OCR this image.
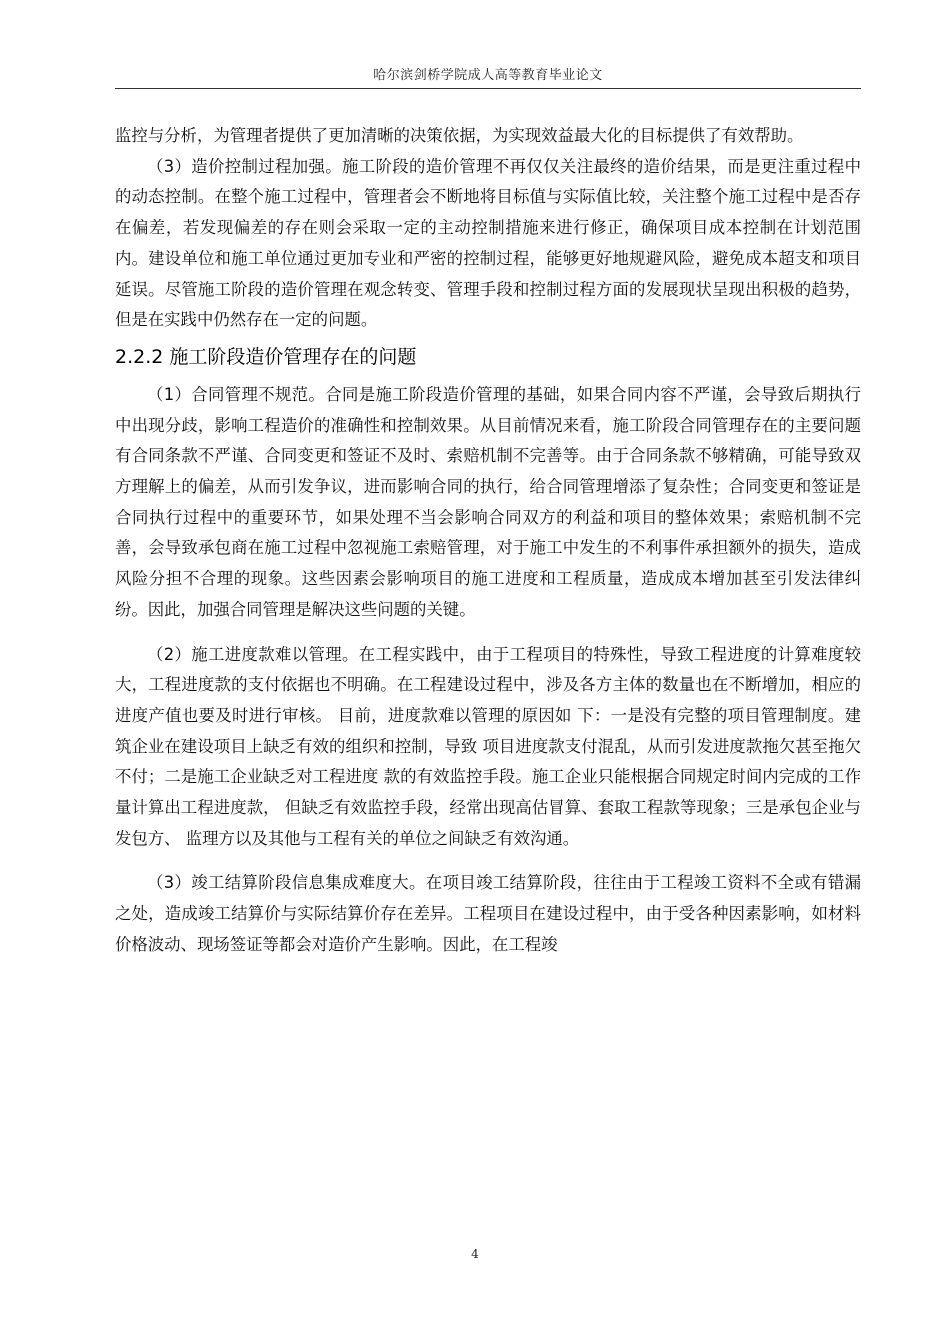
哈尔滨剑桥学院成人高等教育毕业论文

监控与分析，为管理者提供了更加清晰的决策依据，为实现效益最大化的目标提供了有效帮助。

（3）造价控制过程加强。施工阶段的造价管理不再仅仅关注最终的造价结果，而是更注重过程中的动态控制。在整个施工过程中，管理者会不断地将目标值与实际值比较，关注整个施工过程中是否存在偏差，若发现偏差的存在则会采取一定的主动控制措施来进行修正，确保项目成本控制在计划范围内。建设单位和施工单位通过更加专业和严密的控制过程，能够更好地规避风险，避免成本超支和项目延误。尽管施工阶段的造价管理在观念转变、管理手段和控制过程方面的发展现状呈现出积极的趋势，但是在实践中仍然存在一定的问题。

2.2.2 施工阶段造价管理存在的问题

（1）合同管理不规范。合同是施工阶段造价管理的基础，如果合同内容不严谨，会导致后期执行中出现分歧，影响工程造价的准确性和控制效果。从目前情况来看，施工阶段合同管理存在的主要问题有合同条款不严谨、合同变更和签证不及时、索赔机制不完善等。由于合同条款不够精确，可能导致双方理解上的偏差，从而引发争议，进而影响合同的执行，给合同管理增添了复杂性；合同变更和签证是合同执行过程中的重要环节，如果处理不当会影响合同双方的利益和项目的整体效果；索赔机制不完善，会导致承包商在施工过程中忽视施工索赔管理，对于施工中发生的不利事件承担额外的损失，造成风险分担不合理的现象。这些因素会影响项目的施工进度和工程质量，造成成本增加甚至引发法律纠纷。因此，加强合同管理是解决这些问题的关键。

（2）施工进度款难以管理。在工程实践中，由于工程项目的特殊性，导致工程进度的计算难度较大，工程进度款的支付依据也不明确。在工程建设过程中，涉及各方主体的数量也在不断增加，相应的进度产值也要及时进行审核。 目前，进度款难以管理的原因如 下：一是没有完整的项目管理制度。建筑企业在建设项目上缺乏有效的组织和控制，导致 项目进度款支付混乱，从而引发进度款拖欠甚至拖欠不付；二是施工企业缺乏对工程进度 款的有效监控手段。施工企业只能根据合同规定时间内完成的工作量计算出工程进度款， 但缺乏有效监控手段，经常出现高估冒算、套取工程款等现象；三是承包企业与发包方、 监理方以及其他与工程有关的单位之间缺乏有效沟通。

（3）竣工结算阶段信息集成难度大。在项目竣工结算阶段，往往由于工程竣工资料不全或有错漏之处，造成竣工结算价与实际结算价存在差异。工程项目在建设过程中，由于受各种因素影响，如材料价格波动、现场签证等都会对造价产生影响。因此，在工程竣

4
